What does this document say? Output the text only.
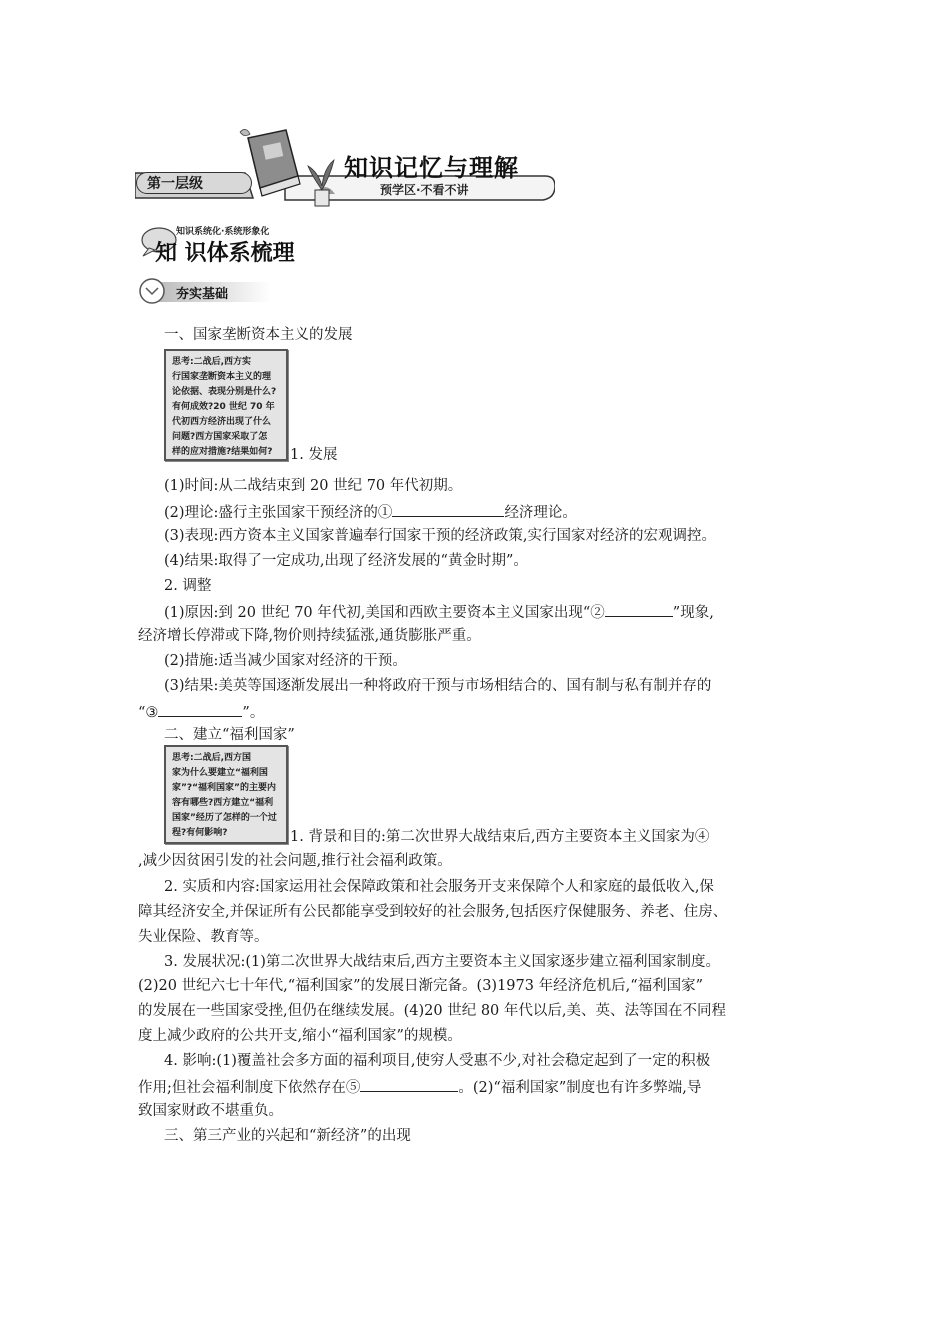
第一层级
知识记忆与理解
预学区·不看不讲
知识系统化·系统形象化
知 识体系梳理
夯实基础
一、国家垄断资本主义的发展
思考:二战后,西方实
行国家垄断资本主义的理
论依据、表现分别是什么?
有何成效?20 世纪 70 年
代初西方经济出现了什么
问题?西方国家采取了怎
样的应对措施?结果如何?	1. 发展
(1)时间:从二战结束到 20 世纪 70 年代初期。
(2)理论:盛行主张国家干预经济的①	经济理论。
(3)表现:西方资本主义国家普遍奉行国家干预的经济政策,实行国家对经济的宏观调控。
(4)结果:取得了一定成功,出现了经济发展的“黄金时期”。
2. 调整
(1)原因:到 20 世纪 70 年代初,美国和西欧主要资本主义国家出现“②	”现象,
经济增长停滞或下降,物价则持续猛涨,通货膨胀严重。
(2)措施:适当减少国家对经济的干预。
(3)结果:美英等国逐渐发展出一种将政府干预与市场相结合的、国有制与私有制并存的
“③	”。
二、建立“福利国家”
思考:二战后,西方国
家为什么要建立“福利国
家”?“福利国家”的主要内
容有哪些?西方建立“福利
国家”经历了怎样的一个过
程?有何影响?	1. 背景和目的:第二次世界大战结束后,西方主要资本主义国家为④
,减少因贫困引发的社会问题,推行社会福利政策。
2. 实质和内容:国家运用社会保障政策和社会服务开支来保障个人和家庭的最低收入,保
障其经济安全,并保证所有公民都能享受到较好的社会服务,包括医疗保健服务、养老、住房、
失业保险、教育等。
3. 发展状况:(1)第二次世界大战结束后,西方主要资本主义国家逐步建立福利国家制度。
(2)20 世纪六七十年代,“福利国家”的发展日渐完备。(3)1973 年经济危机后,“福利国家”
的发展在一些国家受挫,但仍在继续发展。(4)20 世纪 80 年代以后,美、英、法等国在不同程
度上减少政府的公共开支,缩小“福利国家”的规模。
4. 影响:(1)覆盖社会多方面的福利项目,使穷人受惠不少,对社会稳定起到了一定的积极
作用;但社会福利制度下依然存在⑤	。(2)“福利国家”制度也有许多弊端,导
致国家财政不堪重负。
三、第三产业的兴起和“新经济”的出现
